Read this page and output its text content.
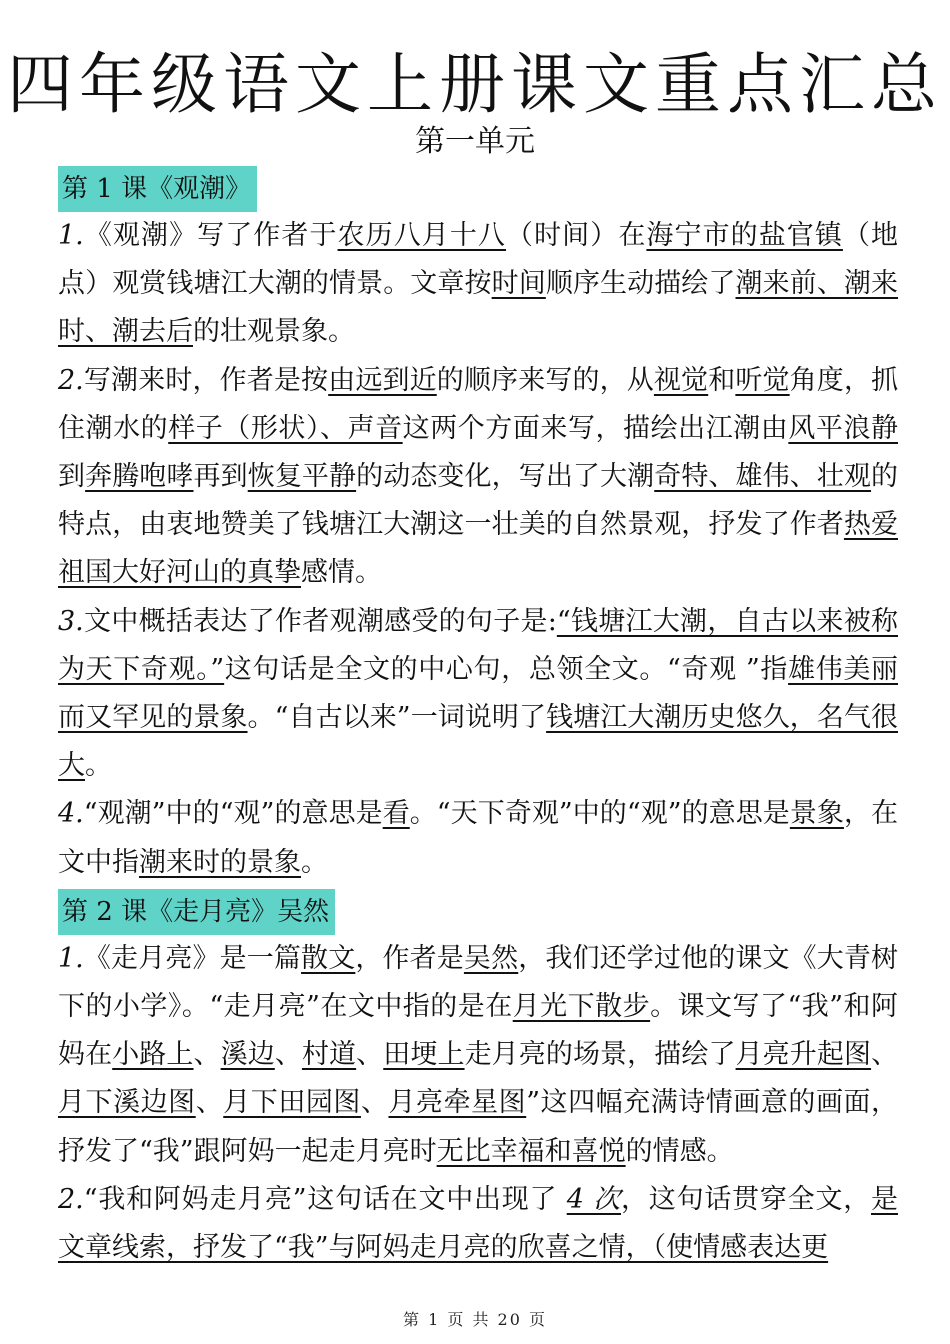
四年级语文上册课文重点汇总
第一单元
第 1 课《观潮》

1.《观潮》写了作者于农历八月十八（时间）在海宁市的盐官镇（地点）观赏钱塘江大潮的情景。文章按时间顺序生动描绘了潮来前、潮来时、潮去后的壮观景象。

2.写潮来时，作者是按由远到近的顺序来写的，从视觉和听觉角度，抓住潮水的样子（形状）、声音这两个方面来写，描绘出江潮由风平浪静到奔腾咆哮再到恢复平静的动态变化，写出了大潮奇特、雄伟、壮观的特点，由衷地赞美了钱塘江大潮这一壮美的自然景观，抒发了作者热爱祖国大好河山的真挚感情。

3.文中概括表达了作者观潮感受的句子是:“钱塘江大潮，自古以来被称为天下奇观。”这句话是全文的中心句，总领全文。“奇观 ”指雄伟美丽而又罕见的景象。“自古以来”一词说明了钱塘江大潮历史悠久，名气很大。

4.“观潮”中的“观”的意思是看。“天下奇观”中的“观”的意思是景象，在文中指潮来时的景象。

第 2 课《走月亮》吴然

1.《走月亮》是一篇散文，作者是吴然，我们还学过他的课文《大青树下的小学》。“走月亮”在文中指的是在月光下散步。课文写了“我”和阿妈在小路上、溪边、村道、田埂上走月亮的场景，描绘了月亮升起图、月下溪边图、月下田园图、月亮牵星图”这四幅充满诗情画意的画面，抒发了“我”跟阿妈一起走月亮时无比幸福和喜悦的情感。

2.“我和阿妈走月亮”这句话在文中出现了 4 次，这句话贯穿全文，是文章线索，抒发了“我”与阿妈走月亮的欣喜之情，（使情感表达更

第 1 页 共 20 页
